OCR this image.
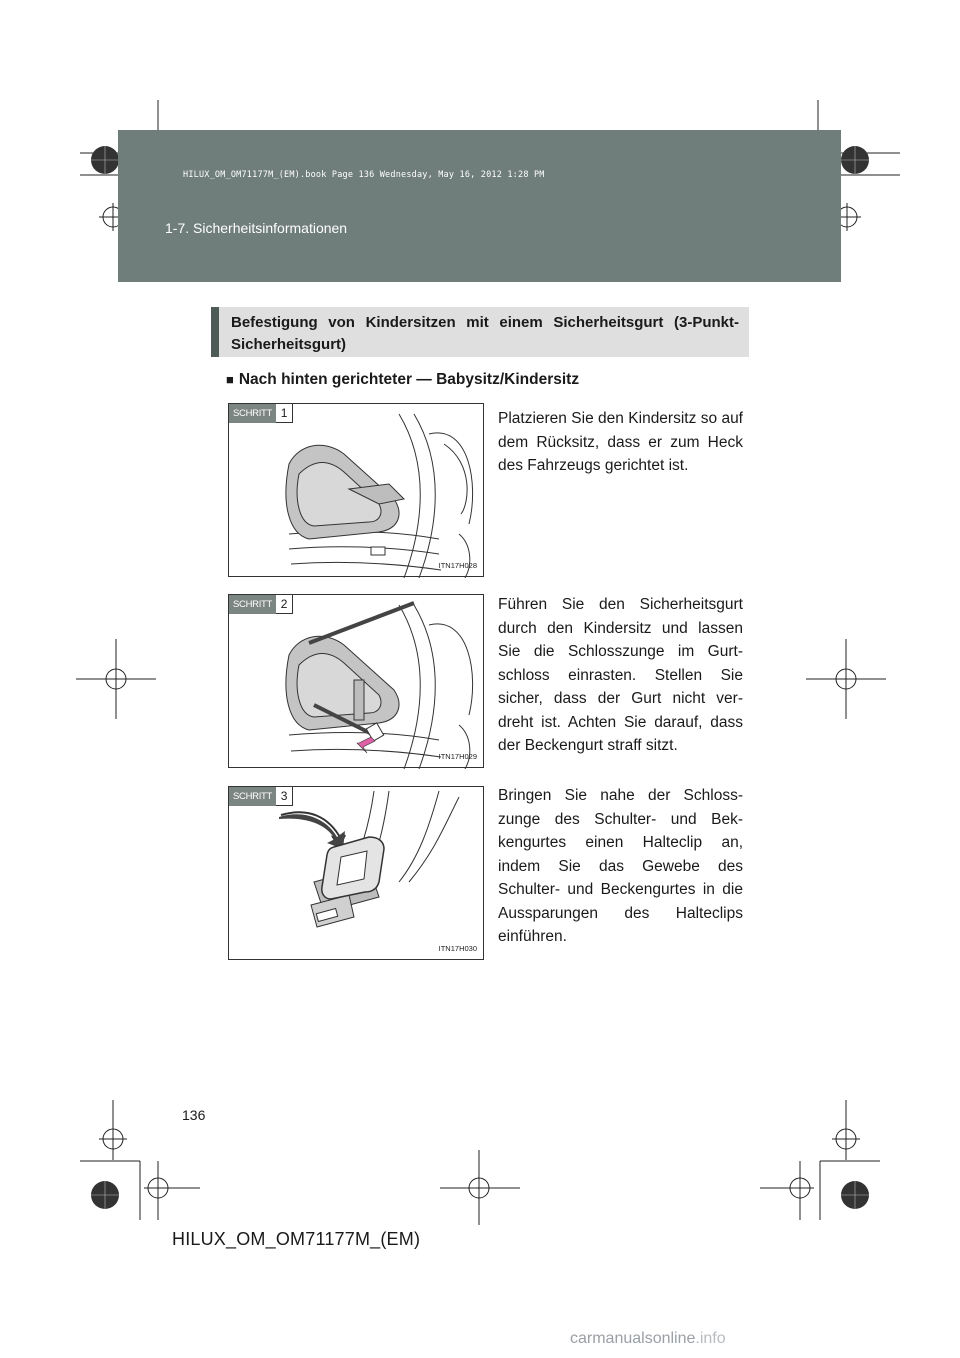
HILUX_OM_OM71177M_(EM).book Page 136 Wednesday, May 16, 2012 1:28 PM
1-7. Sicherheitsinformationen
Befestigung von Kindersitzen mit einem Sicherheitsgurt (3-Punkt-Sicherheitsgurt)
■ Nach hinten gerichteter — Babysitz/Kindersitz
SCHRITT 1
ITN17H028
Platzieren Sie den Kindersitz so auf dem Rücksitz, dass er zum Heck des Fahrzeugs gerichtet ist.
SCHRITT 2
ITN17H029
Führen Sie den Sicherheitsgurt durch den Kindersitz und lassen Sie die Schlosszunge im Gurt-schloss einrasten. Stellen Sie sicher, dass der Gurt nicht ver-dreht ist. Achten Sie darauf, dass der Beckengurt straff sitzt.
SCHRITT 3
ITN17H030
Bringen Sie nahe der Schloss-zunge des Schulter- und Bek-kengurtes einen Halteclip an, indem Sie das Gewebe des Schulter- und Beckengurtes in die Aussparungen des Halteclips einführen.
136
HILUX_OM_OM71177M_(EM)
carmanualsonline.info
